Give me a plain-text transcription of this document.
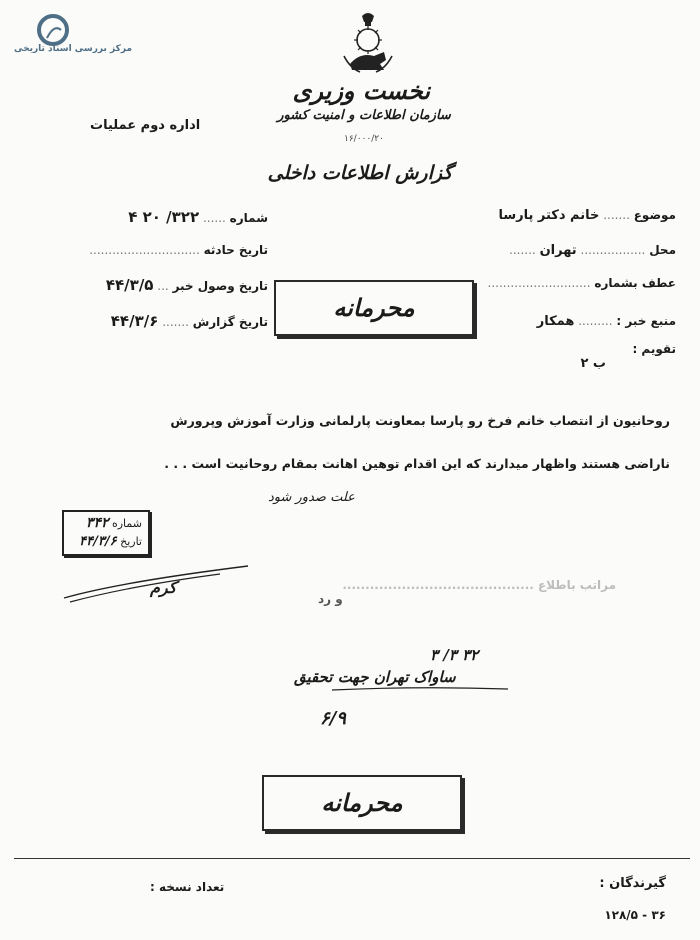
مرکز بررسی اسناد تاریخی
نخست وزیری
سازمان اطلاعات و امنیت کشور
۱۶/۰۰۰/۲۰
اداره دوم عملیات
گزارش اطلاعات داخلی
موضوع ....... خانم دکتر پارسا
محل ................. تهران .......
عطف بشماره ...........................
منبع خبر : ......... همکار
تقویم :
ب ۲
شماره ...... ۳۲۲/ ۲۰ ۴
تاریخ حادثه .............................
تاریخ وصول خبر ... ۴۴/۳/۵
تاریخ گزارش ....... ۴۴/۳/۶	محرمانه
روحانیون از انتصاب خانم فرخ رو پارسا بمعاونت پارلمانی وزارت آموزش وپرورش
ناراضی هستند واظهار میدارند که این اقدام توهین اهانت بمقام روحانیت است . . .
علت صدور شود
شماره ۳۴۲
تاریخ ۴۴/۳/۶
کرم	مراتب باطلاع ..........................................
و رد
۳۲ ۳/ ۳
ساواک تهران جهت تحقیق
۶/۹
محرمانه
گیرندگان :
تعداد نسخه :
۳۶ - ۱۲۸/۵
